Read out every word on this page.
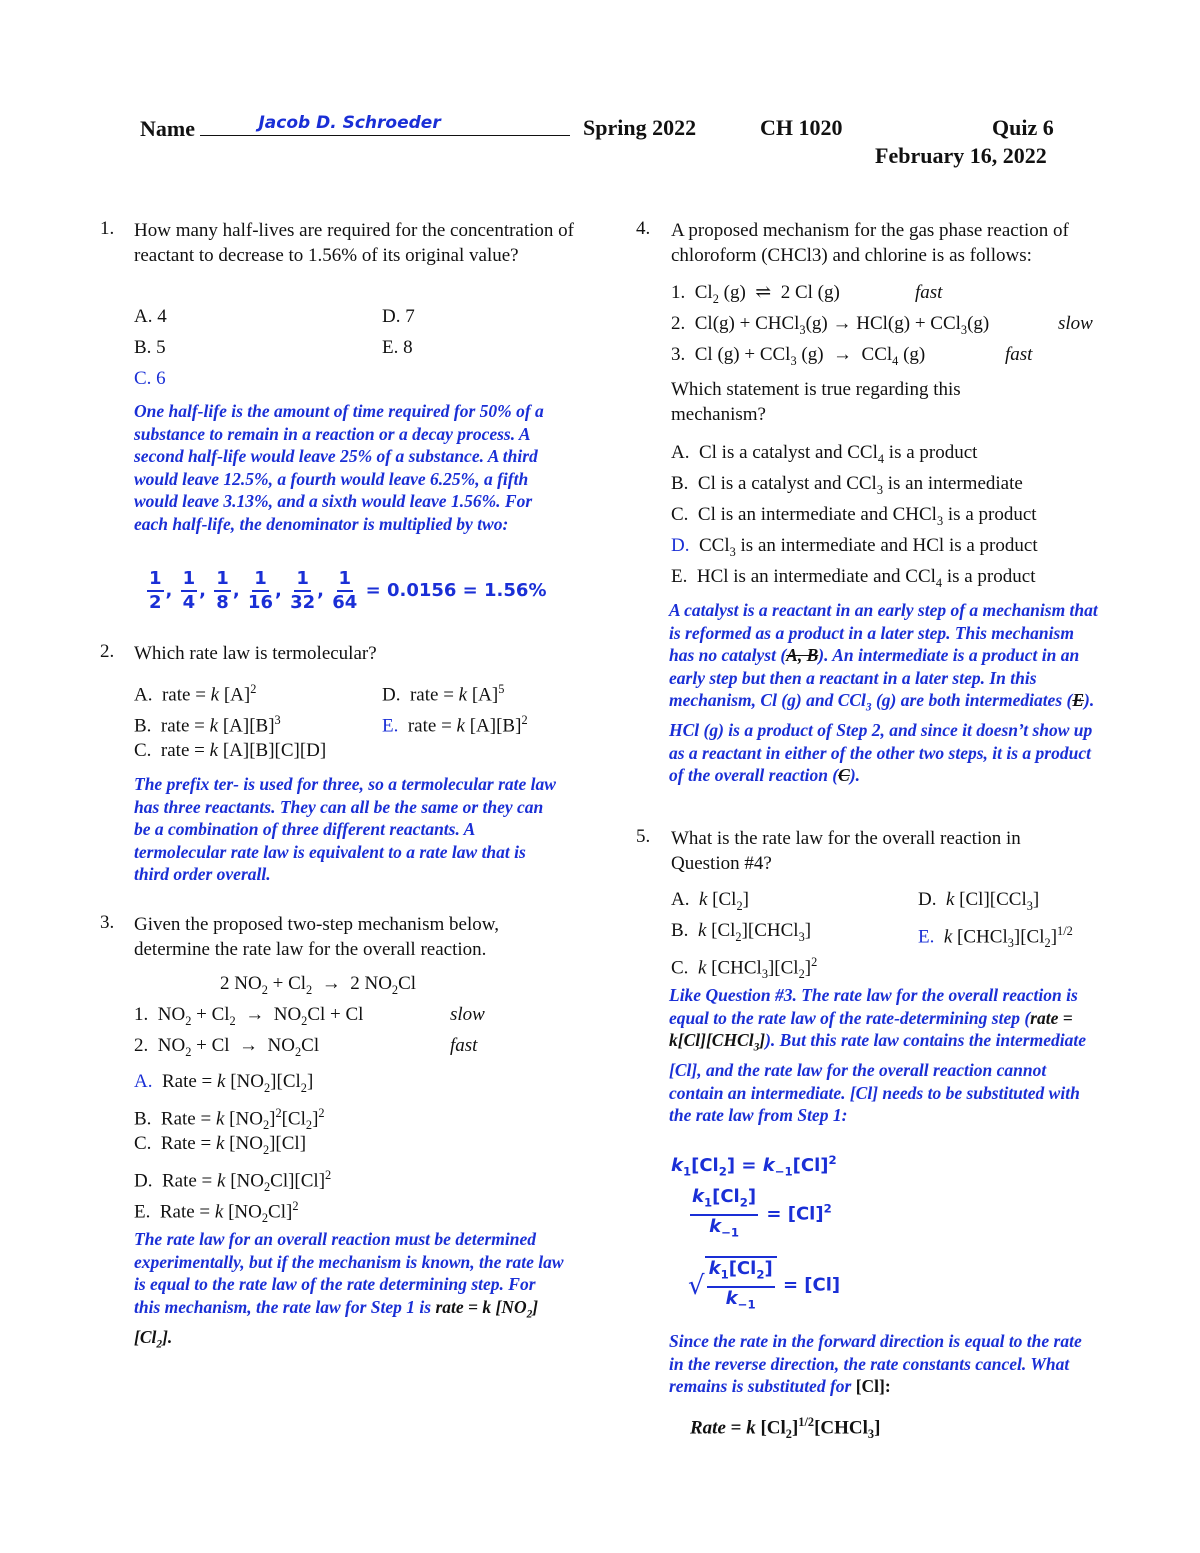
Name	Jacob D. Schroeder	Spring 2022	CH 1020	Quiz 6
February 16, 2022
1. How many half-lives are required for the concentration of reactant to decrease to 1.56% of its original value?
A. 4
B. 5
C. 6
D. 7
E. 8
One half-life is the amount of time required for 50% of a substance to remain in a reaction or a decay process. A second half-life would leave 25% of a substance. A third would leave 12.5%, a fourth would leave 6.25%, a fifth would leave 3.13%, and a sixth would leave 1.56%. For each half-life, the denominator is multiplied by two:
$\frac{1}{2}$ , $\frac{1}{4}$ , $\frac{1}{8}$ , $\frac{1}{16}$ , $\frac{1}{32}$ , $\frac{1}{64} = 0.0156 = 1.56\%$
2. Which rate law is termolecular?
A.  rate = k $[A]^2$
B.  rate = k $[A][B]^3$
C.  rate = k [A][B][C][D]
D.  rate = k $[A]^5$
E.  rate = k $[A][B]^2$
The prefix ter- is used for three, so a termolecular rate law has three reactants. They can all be the same or they can be a combination of three different reactants. A termolecular rate law is equivalent to a rate law that is third order overall.
3. Given the proposed two-step mechanism below, determine the rate law for the overall reaction.
2 $NO_2 + Cl_2 \to 2$ $NO_2Cl$
1.  $NO_2 + Cl_2 \to NO_2Cl + Cl$	slow
2.  $NO_2 + Cl \to NO_2Cl$	fast
A.  Rate = k $[NO_2][Cl_2]$
B.  Rate = k $[NO_2]^2[Cl_2]^2$
C.  Rate = k $[NO_2][Cl]$
D.  Rate = k $[NO_2Cl][Cl]^2$
E.  Rate = k $[NO_2Cl]^2$
The rate law for an overall reaction must be determined experimentally, but if the mechanism is known, the rate law is equal to the rate law of the rate determining step. For this mechanism, the rate law for Step 1 is rate = k $[NO_2][Cl_2]$.
4. A proposed mechanism for the gas phase reaction of chloroform (CHCl3) and chlorine is as follows:
1.  $Cl_2$ (g)  ⇌  2 Cl (g)	fast
2.  Cl(g) + CHCl$_3$(g) → HCl(g) + CCl$_3$(g)	slow
3.  Cl (g) + CCl$_3$ (g)  →  CCl$_4$ (g)	fast
Which statement is true regarding this mechanism?
A.  Cl is a catalyst and CCl$_4$ is a product
B.  Cl is a catalyst and CCl$_3$ is an intermediate
C.  Cl is an intermediate and CHCl$_3$ is a product
D.  CCl$_3$ is an intermediate and HCl is a product
E.  HCl is an intermediate and CCl$_4$ is a product
A catalyst is a reactant in an early step of a mechanism that is reformed as a product in a later step. This mechanism has no catalyst (A, B). An intermediate is a product in an early step but then a reactant in a later step. In this mechanism, Cl (g) and CCl$_3$ (g) are both intermediates (E). HCl (g) is a product of Step 2, and since it doesn’t show up as a reactant in either of the other two steps, it is a product of the overall reaction (C).
5. What is the rate law for the overall reaction in Question #4?
A.  k $[Cl_2]$
B.  k $[Cl_2][CHCl_3]$
C.  k $[CHCl_3][Cl_2]^2$
D.  k [Cl][CCl$_3$]
E. k $[CHCl_3][Cl_2]^{1/2}$
Like Question #3. The rate law for the overall reaction is equal to the rate law of the rate-determining step (rate = k[Cl][CHCl$_3$]). But this rate law contains the intermediate [Cl], and the rate law for the overall reaction cannot contain an intermediate. [Cl] needs to be substituted with the rate law from Step 1:
$k_1[Cl_2] = k_{-1}[Cl]^2$
$\frac{k_1[Cl_2]}{k_{-1}} = [Cl]^2$
√ $\frac{k_1[Cl_2]}{k_{-1}} = [Cl]$
Since the rate in the forward direction is equal to the rate in the reverse direction, the rate constants cancel. What remains is substituted for [Cl]:
Rate = k $[Cl_2]^{1/2}[CHCl_3]$
